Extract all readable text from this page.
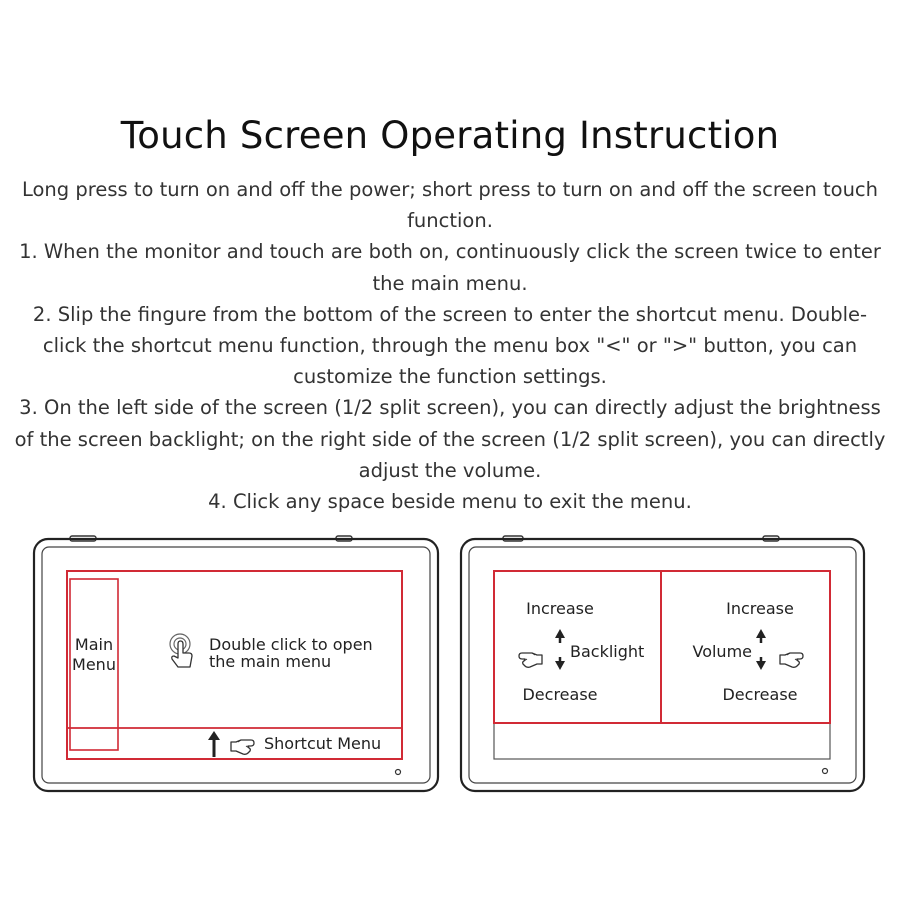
Touch Screen Operating Instruction

Long press to turn on and off the power; short press to turn on and off the screen touch function.

1. When the monitor and touch are both on, continuously click the screen twice to enter the main menu.

2. Slip the fingure from the bottom of the screen to enter the shortcut menu. Double-click the shortcut menu function, through the menu box "<" or ">" button, you can customize the function settings.

3. On the left side of the screen (1/2 split screen), you can directly adjust the brightness of the screen backlight; on the right side of the screen (1/2 split screen), you can directly adjust the volume.

4. Click any space beside menu to exit the menu.

Main
Menu
Double click to open
the main menu
Shortcut Menu
Increase
Decrease
Backlight
Increase
Decrease
Volume
